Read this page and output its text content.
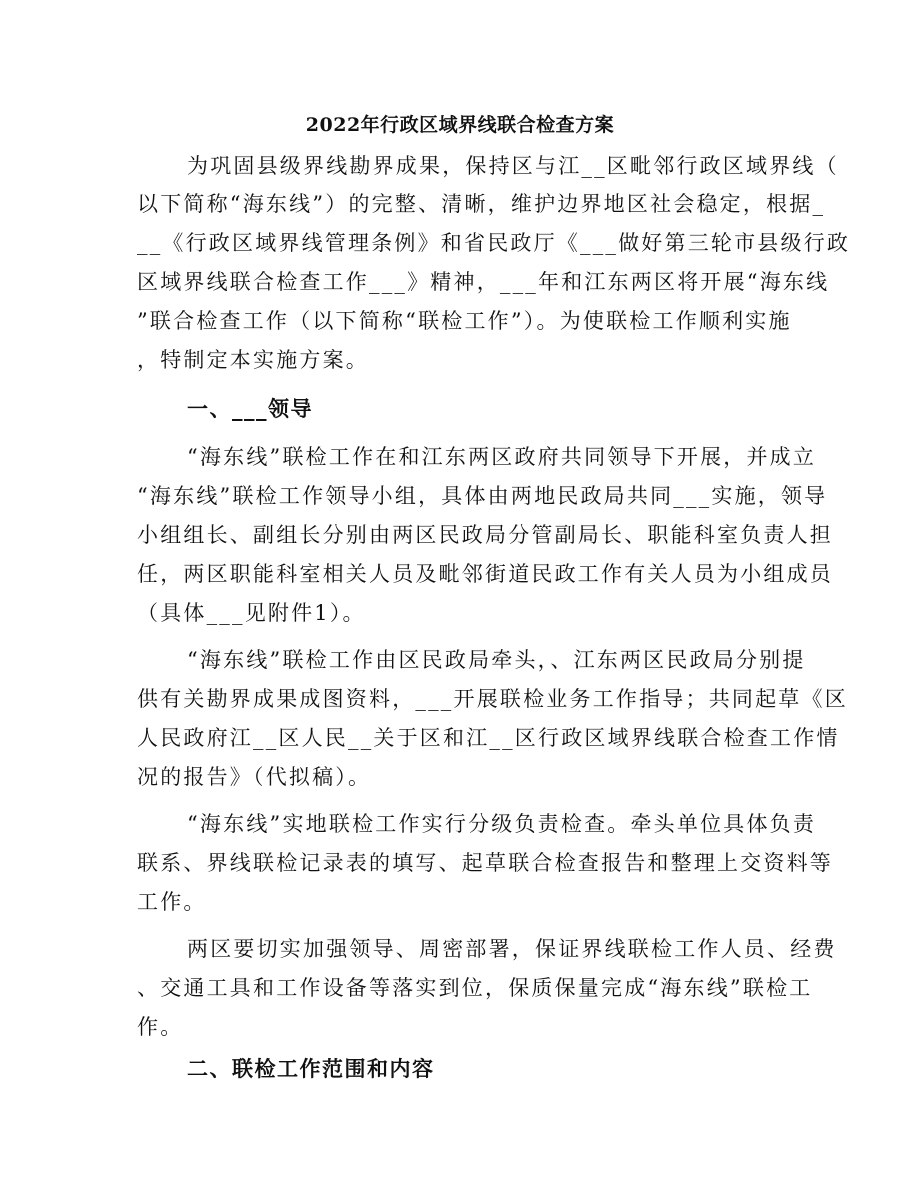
2022年行政区域界线联合检查方案
为巩固县级界线勘界成果，保持区与江__区毗邻行政区域界线（
以下简称“海东线”）的完整、清晰，维护边界地区社会稳定，根据_
__《行政区域界线管理条例》和省民政厅《___做好第三轮市县级行政
区域界线联合检查工作___》精神，___年和江东两区将开展“海东线
”联合检查工作（以下简称“联检工作”）。为使联检工作顺利实施
，特制定本实施方案。
一、___领导
“海东线”联检工作在和江东两区政府共同领导下开展，并成立
“海东线”联检工作领导小组，具体由两地民政局共同___实施，领导
小组组长、副组长分别由两区民政局分管副局长、职能科室负责人担
任，两区职能科室相关人员及毗邻街道民政工作有关人员为小组成员
（具体___见附件1）。
“海东线”联检工作由区民政局牵头，、江东两区民政局分别提
供有关勘界成果成图资料，___开展联检业务工作指导；共同起草《区
人民政府江__区人民__关于区和江__区行政区域界线联合检查工作情
况的报告》（代拟稿）。
“海东线”实地联检工作实行分级负责检查。牵头单位具体负责
联系、界线联检记录表的填写、起草联合检查报告和整理上交资料等
工作。
两区要切实加强领导、周密部署，保证界线联检工作人员、经费
、交通工具和工作设备等落实到位，保质保量完成“海东线”联检工
作。
二、联检工作范围和内容
